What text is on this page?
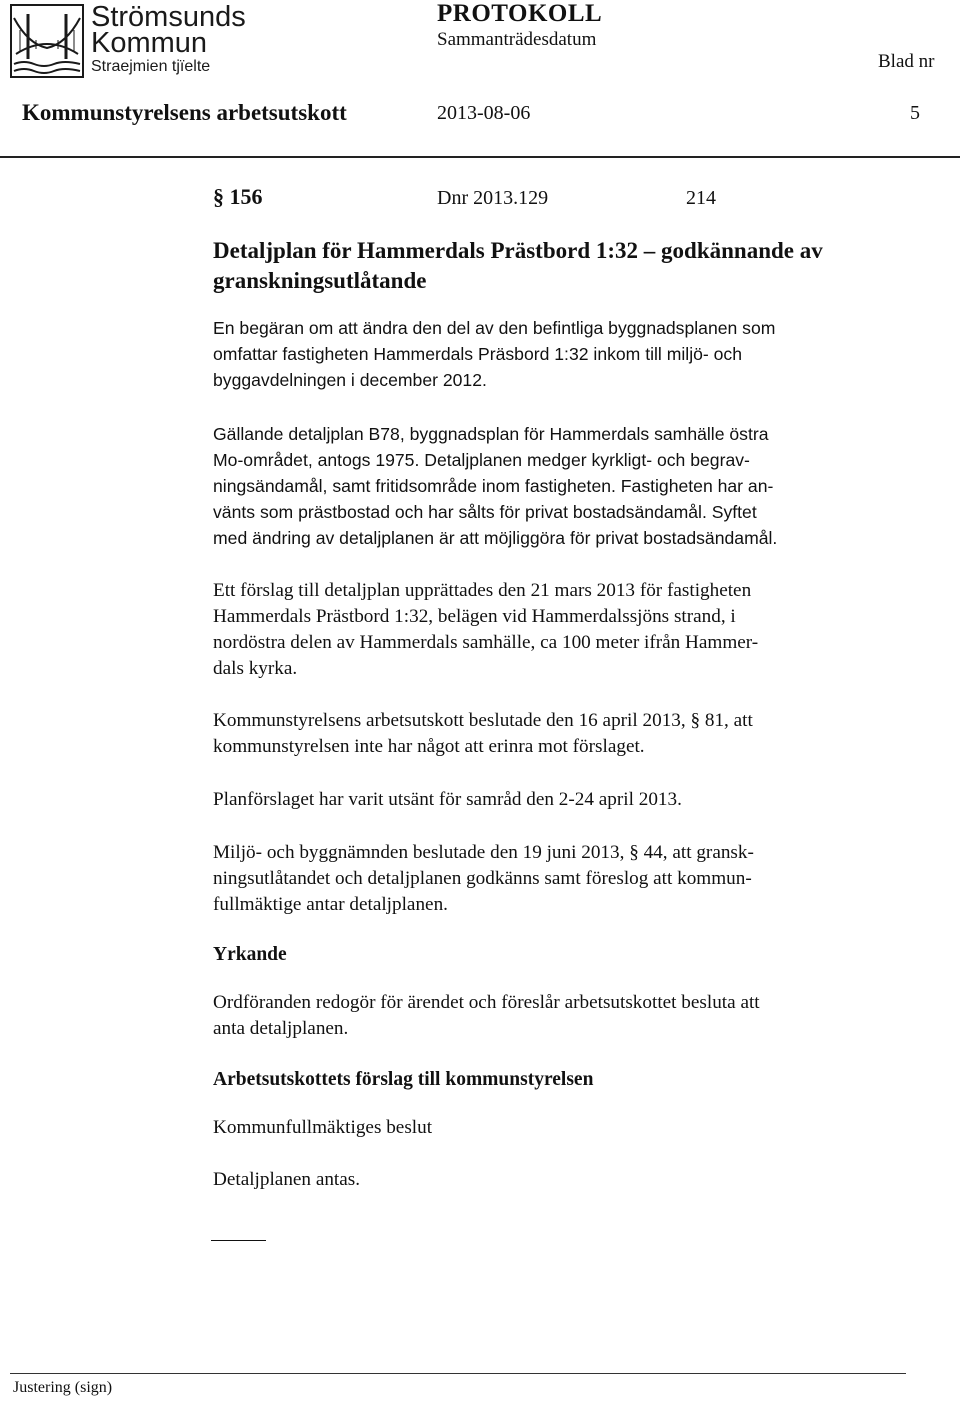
Strömsunds
Kommun
Straejmien tjïelte
PROTOKOLL
Sammanträdesdatum
Blad nr
Kommunstyrelsens arbetsutskott	2013-08-06	5
§ 156	Dnr 2013.129	214
Detaljplan för Hammerdals Prästbord 1:32 – godkännande av granskningsutlåtande
En begäran om att ändra den del av den befintliga byggnadsplanen som
omfattar fastigheten Hammerdals Präsbord 1:32 inkom till miljö- och
byggavdelningen i december 2012.
Gällande detaljplan B78, byggnadsplan för Hammerdals samhälle östra
Mo-området, antogs 1975. Detaljplanen medger kyrkligt- och begrav-
ningsändamål, samt fritidsområde inom fastigheten. Fastigheten har an-
vänts som prästbostad och har sålts för privat bostadsändamål. Syftet
med ändring av detaljplanen är att möjliggöra för privat bostadsändamål.
Ett förslag till detaljplan upprättades den 21 mars 2013 för fastigheten
Hammerdals Prästbord 1:32, belägen vid Hammerdalssjöns strand, i
nordöstra delen av Hammerdals samhälle, ca 100 meter ifrån Hammer-
dals kyrka.
Kommunstyrelsens arbetsutskott beslutade den 16 april 2013, § 81, att
kommunstyrelsen inte har något att erinra mot förslaget.
Planförslaget har varit utsänt för samråd den 2-24 april 2013.
Miljö- och byggnämnden beslutade den 19 juni 2013, § 44, att gransk-
ningsutlåtandet och detaljplanen godkänns samt föreslog att kommun-
fullmäktige antar detaljplanen.
Yrkande
Ordföranden redogör för ärendet och föreslår arbetsutskottet besluta att
anta detaljplanen.
Arbetsutskottets förslag till kommunstyrelsen
Kommunfullmäktiges beslut
Detaljplanen antas.
Justering (sign)
